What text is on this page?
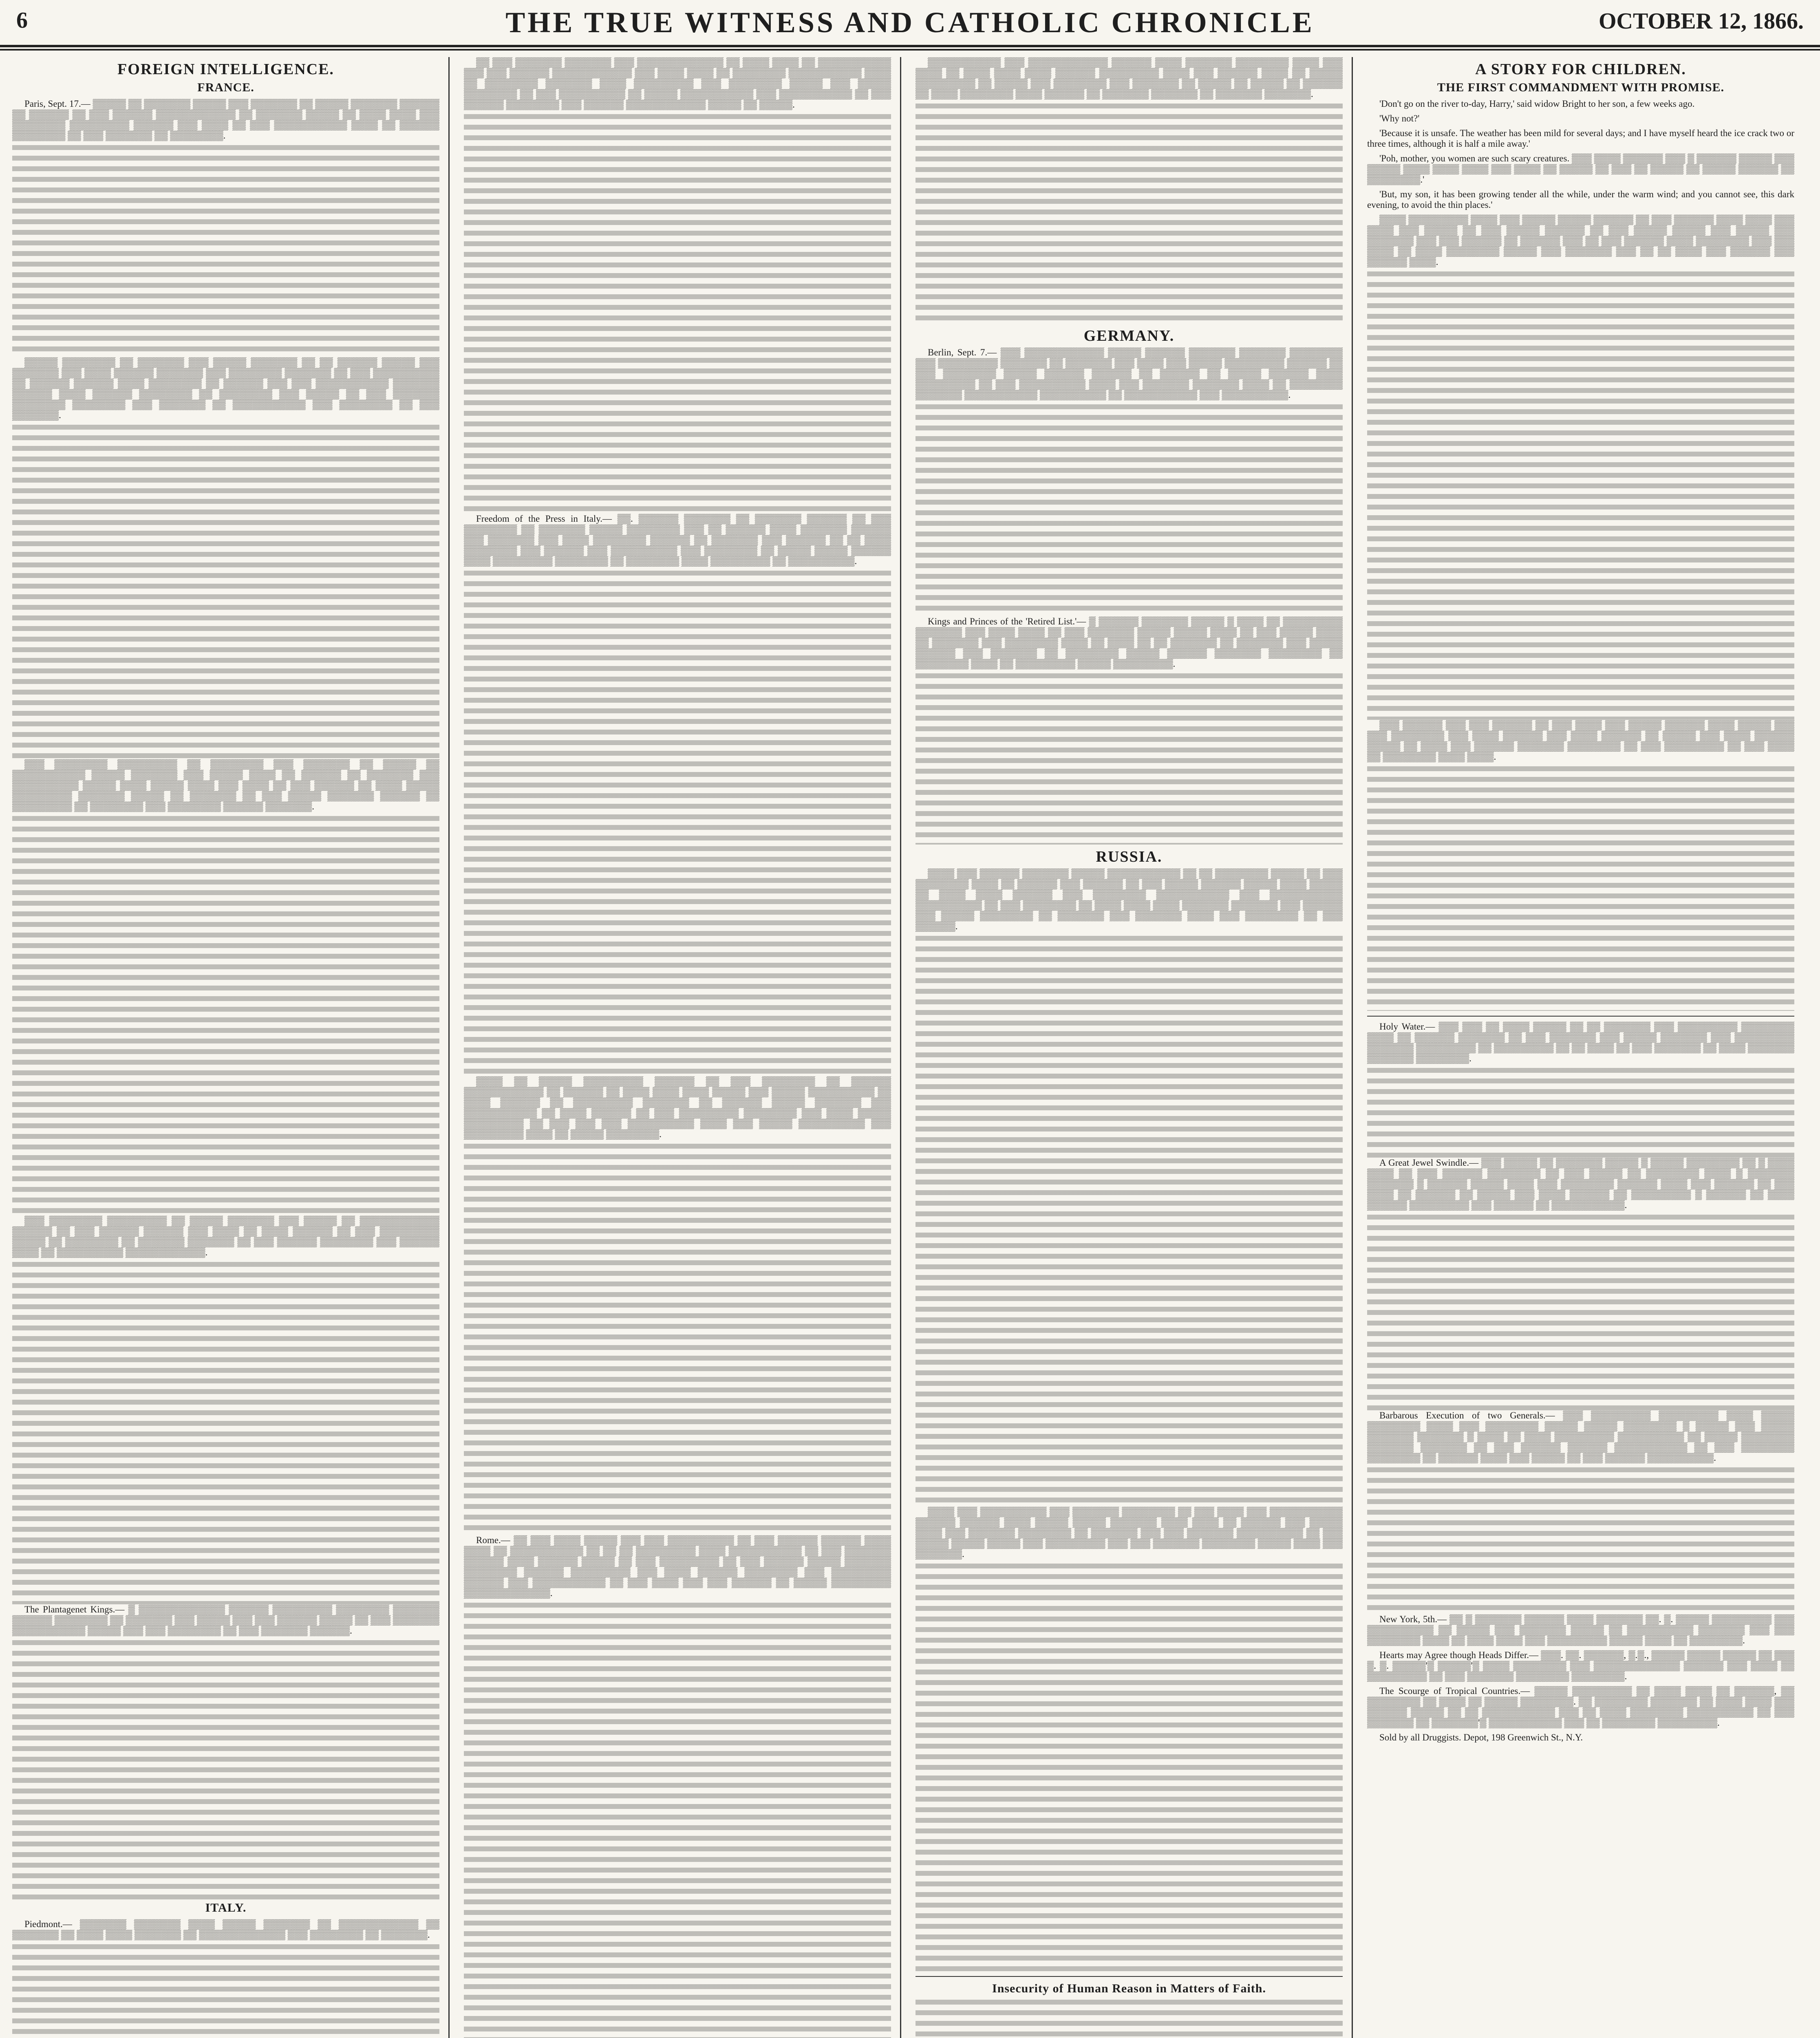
6	THE TRUE WITNESS AND CATHOLIC CHRONICLE	OCTOBER 12, 1866.
FOREIGN INTELLIGENCE.
FRANCE.

Paris, Sept. 17.— ▒▒▒▒▒ ▒▒ ▒▒▒▒▒▒▒ ▒▒▒▒▒ ▒▒▒ ▒▒▒▒▒▒▒ ▒▒ ▒▒▒▒▒ ▒▒▒▒▒▒▒ ▒▒▒▒▒▒ ▒▒ ▒▒▒▒▒▒ ▒▒ ▒▒▒ ▒▒▒▒▒▒ ▒▒▒▒▒▒▒▒▒▒▒▒ ▒▒ ▒▒▒▒▒▒▒ ▒▒▒▒▒ ▒▒ ▒▒▒▒ ▒▒▒▒ ▒▒▒ ▒▒▒▒▒▒▒▒ ▒▒▒▒▒▒▒▒▒ ▒▒▒▒▒▒ ▒▒▒ ▒▒▒▒ ▒▒ ▒▒▒ ▒▒▒▒▒▒▒▒▒▒▒ ▒▒▒▒ ▒▒ ▒▒▒▒▒▒ ▒▒▒▒▒▒▒▒ ▒▒ ▒▒▒ ▒▒▒▒▒▒▒ ▒▒ ▒▒▒▒▒▒▒▒.

▒▒▒▒▒ ▒▒▒▒▒▒▒▒ ▒▒ ▒▒▒▒▒▒▒ ▒▒▒ ▒▒▒▒▒ ▒▒▒▒▒▒▒ ▒▒ ▒▒ ▒▒▒▒▒▒ ▒▒▒▒▒ ▒▒▒ ▒▒▒▒▒▒▒ ▒▒▒ ▒▒▒▒ ▒▒▒▒▒▒ ▒▒▒▒▒▒▒ ▒▒▒ ▒▒▒▒▒▒▒▒ ▒▒▒▒▒▒▒ ▒▒ ▒▒▒ ▒▒▒▒▒▒▒▒▒▒ ▒▒ ▒▒▒▒▒▒ ▒▒▒▒▒▒ ▒▒▒▒ ▒▒▒▒▒▒▒▒ ▒▒ ▒▒▒▒▒▒ ▒▒▒ ▒▒▒ ▒▒▒▒▒▒▒▒▒▒▒ ▒▒▒▒▒▒▒ ▒▒▒▒▒▒ ▒▒▒▒ ▒▒▒▒▒▒ ▒▒▒▒▒▒▒▒ ▒▒ ▒▒▒▒▒▒▒▒ ▒▒▒ ▒▒▒▒▒ ▒▒ ▒▒▒ ▒▒▒▒▒▒▒ ▒▒▒▒▒▒▒▒ ▒▒▒▒▒▒▒▒ ▒▒▒ ▒▒▒▒▒▒▒ ▒▒ ▒▒▒▒▒▒▒▒▒▒▒ ▒▒▒ ▒▒▒▒▒▒▒▒ ▒▒ ▒▒▒ ▒▒▒▒▒▒▒.

▒▒▒ ▒▒▒▒▒▒▒▒ ▒▒▒▒▒▒▒▒▒ ▒▒ ▒▒▒▒▒▒▒▒ ▒▒▒ ▒▒▒▒▒▒▒ ▒▒ ▒▒▒▒▒ ▒▒ ▒▒▒▒▒▒▒▒▒▒▒ ▒▒▒▒▒ ▒▒▒▒▒▒▒ ▒▒▒ ▒▒▒▒▒ ▒▒▒▒ ▒▒ ▒▒▒▒▒▒ ▒▒ ▒▒▒▒▒▒▒ ▒▒▒ ▒▒▒▒▒▒▒▒▒▒ ▒▒▒▒▒ ▒▒▒▒ ▒▒▒▒▒ ▒▒▒▒ ▒▒▒ ▒▒▒▒ ▒▒ ▒▒▒ ▒▒▒▒▒▒ ▒▒ ▒▒▒▒ ▒▒▒▒▒ ▒▒▒▒▒▒▒▒▒ ▒▒▒▒▒▒▒ ▒▒▒▒▒ ▒▒ ▒▒▒▒▒▒▒ ▒▒ ▒▒▒ ▒▒▒▒▒ ▒▒▒▒▒▒▒ ▒▒▒▒▒▒ ▒▒ ▒▒▒▒▒▒▒▒▒ ▒▒ ▒▒▒▒▒▒▒▒ ▒▒▒ ▒▒▒▒▒▒▒▒ ▒▒▒▒▒▒ ▒▒▒▒▒▒▒.

▒▒▒ ▒▒▒▒▒▒▒▒ ▒▒▒▒▒▒▒▒▒ ▒▒ ▒▒▒▒▒ ▒▒▒▒▒▒▒ ▒▒▒ ▒▒▒▒▒ ▒▒ ▒▒▒▒▒▒▒▒▒▒▒▒ ▒▒▒▒▒▒ ▒▒ ▒▒▒ ▒▒▒▒▒▒ ▒▒▒▒▒▒ ▒▒▒ ▒▒▒▒ ▒▒ ▒▒▒▒ ▒▒▒▒▒▒ ▒▒ ▒▒▒ ▒▒▒▒▒▒▒▒▒ ▒▒▒▒▒ ▒▒ ▒▒▒▒▒▒▒▒ ▒▒ ▒▒▒▒▒▒▒ ▒▒▒▒▒▒▒ ▒▒ ▒▒▒ ▒▒▒▒▒▒ ▒▒▒▒▒▒▒▒ ▒▒▒ ▒▒▒▒▒▒ ▒▒▒▒ ▒▒ ▒▒▒▒▒▒▒▒▒▒ ▒▒▒▒▒▒▒▒▒▒▒▒.

The Plantagenet Kings.— ▒ ▒▒▒▒▒▒▒▒▒▒▒▒▒ ▒▒▒▒▒▒ ▒▒▒▒▒▒▒▒▒ ▒▒▒▒▒▒▒▒ ▒▒▒▒▒▒▒ ▒▒▒▒▒▒ ▒▒▒▒▒▒▒▒ ▒▒ ▒▒▒▒▒▒▒ ▒▒▒ ▒▒▒▒▒ ▒▒▒ ▒▒▒ ▒▒▒▒▒▒ ▒▒▒▒▒ ▒▒ ▒▒▒ ▒▒▒▒▒▒▒ ▒▒▒▒▒▒▒▒▒▒▒ ▒▒▒▒▒ ▒▒▒ ▒▒▒ ▒▒▒▒▒▒▒▒ ▒▒ ▒▒▒ ▒▒▒▒▒▒▒ ▒▒▒▒▒▒.

ITALY.

Piedmont.— ▒▒▒▒▒▒▒ ▒▒▒▒▒▒▒ ▒▒▒▒ ▒▒▒▒▒ ▒▒▒▒▒▒▒ ▒▒ ▒▒▒▒▒▒▒▒▒▒▒▒ ▒▒ ▒▒▒▒▒▒▒ ▒▒ ▒▒▒▒ ▒▒▒▒ ▒▒▒▒▒▒▒ ▒▒ ▒▒▒▒▒▒▒▒▒▒▒▒▒ ▒▒▒ ▒▒▒▒▒▒▒▒ ▒▒ ▒▒▒▒▒▒▒.

▒▒ ▒▒▒ ▒▒▒▒▒▒▒ ▒▒▒▒▒▒▒ ▒▒▒ ▒▒▒▒▒▒▒▒▒▒▒▒▒ ▒▒ ▒▒▒▒ ▒▒▒▒ ▒▒ ▒▒▒▒▒▒▒▒▒▒▒ ▒▒▒ ▒▒▒ ▒▒▒▒▒▒ ▒▒▒▒▒▒▒▒▒▒▒▒ ▒▒▒ ▒▒▒▒ ▒▒▒▒ ▒▒ ▒▒▒▒▒▒▒▒ ▒▒▒▒▒▒▒▒▒▒▒ ▒▒▒▒ ▒▒ ▒▒▒▒▒▒▒▒ ▒▒▒▒▒▒▒ ▒▒▒▒ ▒▒▒▒▒▒▒▒▒ ▒▒▒ ▒▒▒▒▒▒▒▒ ▒▒▒▒▒ ▒▒▒ ▒▒▒▒▒ ▒▒▒▒▒▒▒▒ ▒▒ ▒▒▒ ▒▒▒▒▒▒▒▒▒▒ ▒▒ ▒▒▒▒▒ ▒▒▒▒▒▒▒▒▒▒▒ ▒▒▒ ▒▒▒▒▒▒▒▒▒▒▒ ▒▒ ▒▒▒ ▒▒▒▒▒▒ ▒▒▒▒▒▒▒▒ ▒▒▒ ▒▒▒▒▒▒ ▒▒▒▒▒▒▒▒▒▒▒▒ ▒▒▒▒▒ ▒▒ ▒▒▒▒▒.

Freedom of the Press in Italy.— ▒▒. ▒▒▒▒▒▒ ▒▒▒▒▒▒▒ ▒▒ ▒▒▒▒▒▒▒ ▒▒▒▒▒▒ ▒▒ ▒▒▒ ▒▒▒▒▒▒▒▒ ▒▒ ▒▒▒▒▒▒▒ ▒▒▒▒▒ ▒▒▒▒▒▒▒▒ ▒▒▒ ▒▒ ▒▒▒▒▒▒ ▒▒▒▒ ▒▒▒▒▒▒▒ ▒▒▒▒▒▒ ▒▒▒ ▒▒▒▒▒▒▒ ▒▒▒ ▒▒▒▒ ▒▒▒▒▒▒▒▒ ▒▒▒▒▒▒ ▒▒ ▒▒▒▒▒▒▒ ▒▒▒ ▒▒▒▒▒▒ ▒▒ ▒▒ ▒▒▒▒ ▒▒▒▒▒▒▒▒ ▒▒▒ ▒▒▒▒▒▒ ▒▒▒ ▒▒▒▒▒▒▒▒▒▒ ▒▒▒ ▒▒▒▒▒▒▒▒ ▒▒ ▒▒▒▒▒ ▒▒▒▒▒ ▒▒▒▒▒▒ ▒▒▒▒ ▒▒▒▒▒▒▒▒▒ ▒▒▒▒▒▒▒▒ ▒▒ ▒▒▒▒▒▒▒▒ ▒▒▒▒ ▒▒▒▒▒▒▒▒▒ ▒▒ ▒▒▒▒▒▒▒▒▒▒.

▒▒▒▒ ▒▒ ▒▒▒▒▒ ▒▒▒▒▒▒▒▒▒ ▒▒▒▒▒▒ ▒▒ ▒▒▒ ▒▒▒▒▒▒▒▒ ▒▒ ▒▒▒▒▒▒ ▒▒▒▒▒▒▒▒▒▒▒▒ ▒▒ ▒▒▒▒▒▒ ▒▒ ▒▒▒▒ ▒▒▒▒ ▒▒▒▒ ▒▒▒▒▒ ▒▒▒ ▒▒▒▒▒ ▒▒▒▒▒▒▒▒▒▒ ▒▒ ▒▒▒▒ ▒▒▒▒▒▒ ▒▒ ▒▒▒▒▒▒▒▒▒ ▒▒▒▒▒▒▒ ▒▒ ▒▒▒▒▒▒ ▒▒▒▒▒ ▒▒▒▒▒▒▒ ▒▒▒ ▒▒▒▒▒▒▒▒▒▒▒ ▒▒ ▒▒▒▒ ▒▒▒▒▒▒ ▒▒ ▒▒▒ ▒▒▒▒▒▒▒▒▒ ▒▒▒▒▒▒▒▒ ▒▒▒ ▒▒▒▒ ▒▒▒▒▒ ▒▒▒▒▒▒▒▒▒ ▒▒ ▒▒▒ ▒▒▒ ▒▒▒ ▒▒▒▒▒▒▒▒▒▒ ▒▒▒▒ ▒▒▒ ▒▒▒▒▒ ▒▒▒▒▒▒▒▒▒▒ ▒▒▒ ▒▒▒▒▒▒▒▒▒ ▒▒▒▒ ▒▒ ▒▒▒▒▒ ▒▒▒▒▒▒▒▒.

Rome.— ▒▒ ▒▒▒ ▒▒▒▒ ▒▒▒▒▒ ▒▒▒ ▒▒▒ ▒▒▒▒▒▒▒▒▒▒ ▒▒ ▒▒▒ ▒▒▒▒▒▒ ▒▒▒▒▒▒ ▒▒▒▒ ▒▒▒▒ ▒▒ ▒▒▒▒▒▒▒▒▒▒▒ ▒▒ ▒▒ ▒▒ ▒▒▒▒▒▒▒▒▒ ▒▒▒▒ ▒▒▒▒▒▒▒▒▒▒▒ ▒▒ ▒▒▒ ▒▒▒▒▒▒▒ ▒▒▒▒▒▒ ▒▒▒▒ ▒▒▒▒▒▒ ▒▒▒▒▒ ▒▒ ▒▒▒ ▒▒▒▒▒▒▒▒▒ ▒▒ ▒▒▒ ▒▒▒▒▒▒ ▒▒▒▒▒ ▒▒▒▒▒▒▒ ▒▒▒▒▒▒▒▒ ▒▒▒▒▒▒ ▒▒▒▒▒▒▒▒▒ ▒▒▒ ▒▒▒▒ ▒▒▒▒▒▒ ▒▒▒▒▒▒▒▒ ▒▒▒ ▒▒▒▒▒▒▒▒▒ ▒▒▒▒▒▒ ▒▒▒ ▒▒▒▒▒▒▒▒▒▒▒ ▒▒ ▒▒▒ ▒▒▒▒ ▒▒▒ ▒▒▒ ▒▒▒▒▒▒ ▒▒ ▒▒▒▒▒ ▒▒▒▒▒▒▒▒▒ ▒▒▒▒▒▒▒▒▒▒▒▒▒.

▒▒▒▒▒▒▒▒▒▒▒ ▒▒▒ ▒▒▒▒▒▒▒▒▒▒▒▒ ▒▒▒▒▒▒ ▒▒▒▒ ▒▒▒▒▒▒▒ ▒▒▒▒▒▒▒▒ ▒▒▒▒ ▒▒▒ ▒▒▒▒ ▒▒ ▒▒▒▒ ▒▒▒▒ ▒▒▒▒ ▒▒▒▒▒▒ ▒▒▒▒▒▒▒▒▒ ▒▒▒▒ ▒▒▒ ▒▒▒▒▒▒ ▒▒▒▒ ▒▒ ▒▒▒▒▒ ▒▒▒▒▒▒▒▒▒ ▒▒ ▒▒▒▒▒ ▒▒▒ ▒▒▒▒▒▒▒▒ ▒▒▒ ▒▒▒▒▒▒▒ ▒▒ ▒▒▒▒▒ ▒▒ ▒▒▒▒▒ ▒▒ ▒▒▒▒▒▒ ▒▒ ▒▒▒▒ ▒▒▒▒▒▒▒▒ ▒▒▒▒ ▒▒▒▒▒▒ ▒▒ ▒▒▒▒▒▒▒ ▒▒▒▒▒▒▒ ▒▒ ▒▒▒▒▒▒▒ ▒▒▒▒▒▒▒.

GERMANY.

Berlin, Sept. 7.— ▒▒▒ ▒▒▒▒▒▒▒▒▒▒▒▒ ▒▒▒▒▒ ▒▒▒▒▒▒ ▒▒▒▒▒▒▒ ▒▒▒▒▒▒▒ ▒▒▒▒▒▒▒▒ ▒▒▒ ▒▒▒▒▒▒▒▒▒ ▒▒▒▒▒▒▒ ▒▒ ▒▒▒▒▒▒▒ ▒▒▒ ▒▒▒▒ ▒▒▒ ▒▒▒▒▒ ▒▒▒▒▒▒▒▒▒ ▒▒▒▒▒▒ ▒▒ ▒▒▒ ▒▒▒▒▒▒▒▒ ▒▒▒▒▒ ▒▒▒▒▒▒ ▒▒▒▒▒▒ ▒▒ ▒▒▒▒▒▒ ▒▒ ▒▒▒▒▒ ▒▒▒▒▒▒ ▒▒▒▒ ▒▒▒▒▒▒▒▒▒ ▒▒ ▒▒▒ ▒▒▒▒▒▒▒▒▒▒ ▒▒▒▒ ▒▒▒ ▒▒▒▒▒▒▒ ▒▒▒▒▒▒▒ ▒▒▒▒ ▒▒ ▒▒▒▒▒▒▒▒ ▒▒▒▒▒▒▒ ▒▒▒▒▒▒▒▒▒▒▒ ▒▒▒▒▒▒▒▒▒▒ ▒▒ ▒▒▒▒▒▒▒▒▒▒▒ ▒▒▒ ▒▒▒▒▒▒▒▒▒▒.

Kings and Princes of the 'Retired List.'— ▒ ▒▒▒▒▒▒ ▒▒▒▒▒▒▒ ▒▒▒▒▒ ▒ ▒▒▒▒ ▒▒ ▒▒▒▒▒▒▒▒▒ ▒▒▒▒▒▒▒ ▒▒▒ ▒▒▒▒ ▒▒▒▒ ▒▒ ▒▒▒ ▒▒▒▒▒▒▒ ▒▒▒▒▒ ▒▒▒▒▒ ▒▒▒▒ ▒▒ ▒▒▒ ▒▒▒▒▒ ▒▒▒▒ ▒▒ ▒▒▒▒▒▒▒ ▒▒▒ ▒▒▒▒▒▒▒▒ ▒▒▒▒ ▒▒ ▒▒▒▒ ▒▒ ▒▒ ▒▒▒▒▒▒▒ ▒▒ ▒▒▒▒▒▒▒ ▒▒▒ ▒▒▒▒▒ ▒▒▒▒▒▒ ▒▒▒ ▒▒▒▒▒▒▒ ▒▒ ▒▒▒▒▒▒▒▒ ▒▒▒▒▒ ▒▒▒▒▒▒ ▒▒▒▒▒▒▒ ▒▒▒▒▒▒▒▒ ▒▒ ▒▒▒▒▒▒▒▒ ▒▒▒▒ ▒▒ ▒▒▒▒▒▒▒▒▒ ▒▒▒▒▒ ▒▒▒▒▒▒▒▒▒.

RUSSIA.

▒▒▒▒ ▒▒▒ ▒▒▒▒▒▒ ▒▒▒▒▒▒▒ ▒▒▒▒▒ ▒▒▒▒▒▒▒▒▒▒▒ ▒▒ ▒▒ ▒▒▒▒▒▒▒▒ ▒▒▒▒▒ ▒▒ ▒▒▒ ▒▒▒▒▒▒▒▒ ▒▒▒▒ ▒▒ ▒▒▒▒▒▒ ▒▒▒ ▒▒▒▒▒▒ ▒▒ ▒▒▒ ▒▒▒▒▒ ▒▒▒▒▒▒ ▒▒▒▒▒ ▒▒▒▒ ▒▒▒▒▒ ▒▒ ▒▒▒▒ ▒▒▒▒ ▒▒▒▒▒▒ ▒▒▒ ▒▒▒▒▒▒▒▒ ▒▒▒▒▒▒▒▒▒▒▒ ▒▒▒ ▒▒▒▒▒▒▒▒▒▒▒ ▒▒▒▒▒▒▒▒▒▒ ▒▒ ▒▒▒ ▒▒▒▒▒▒▒▒ ▒▒ ▒▒▒▒ ▒▒▒▒ ▒▒▒▒ ▒▒▒▒▒▒▒ ▒▒▒▒▒▒▒ ▒▒▒ ▒▒▒▒▒▒ ▒▒▒ ▒▒▒▒▒ ▒▒▒▒▒▒▒▒ ▒▒ ▒▒▒▒▒▒▒ ▒▒▒ ▒▒▒▒▒▒▒ ▒▒▒▒ ▒▒▒ ▒▒▒▒▒▒▒▒ ▒▒ ▒▒▒ ▒▒▒▒▒▒.

▒▒▒▒ ▒▒▒ ▒▒▒▒▒▒▒▒▒▒ ▒▒▒ ▒▒▒▒▒▒▒ ▒▒▒▒▒▒▒▒ ▒▒ ▒▒▒ ▒▒▒▒ ▒▒▒ ▒▒▒▒▒▒▒▒▒▒▒ ▒▒▒▒▒▒ ▒▒▒▒▒▒ ▒▒▒▒ ▒▒▒▒▒ ▒▒▒▒▒ ▒▒▒▒▒▒▒ ▒▒▒▒ ▒▒▒▒ ▒▒ ▒▒▒▒▒▒ ▒▒▒ ▒▒▒▒▒ ▒▒▒▒ ▒▒▒ ▒▒▒▒▒▒▒ ▒▒▒▒▒▒▒▒ ▒▒ ▒▒▒▒▒▒▒ ▒▒▒ ▒▒▒ ▒▒▒▒▒▒▒ ▒▒▒▒▒▒▒▒▒▒ ▒▒ ▒▒▒ ▒▒▒▒▒ ▒▒▒▒▒ ▒▒▒▒▒ ▒▒▒ ▒▒▒▒▒▒▒▒▒ ▒▒▒ ▒▒▒ ▒▒▒▒▒▒▒ ▒▒▒▒▒▒▒▒ ▒▒▒▒▒ ▒▒▒▒ ▒▒▒ ▒▒▒▒▒▒▒.

Insecurity of Human Reason in Matters of Faith.
A STORY FOR CHILDREN.
THE FIRST COMMANDMENT WITH PROMISE.

'Don't go on the river to-day, Harry,' said widow Bright to her son, a few weeks ago.

'Why not?'

'Because it is unsafe. The weather has been mild for several days; and I have myself heard the ice crack two or three times, although it is half a mile away.'

'Poh, mother, you women are such scary creatures. ▒▒▒ ▒▒▒▒ ▒▒▒▒▒▒ ▒▒▒ ▒ ▒▒▒▒▒▒ ▒▒▒▒▒ ▒▒▒ ▒▒▒▒▒ ▒▒▒▒ ▒▒▒▒ ▒▒▒▒ ▒▒▒ ▒▒▒▒ ▒▒ ▒▒▒▒▒ ▒▒ ▒▒▒ ▒▒ ▒▒▒▒▒ ▒▒ ▒▒▒▒▒ ▒▒▒▒▒▒ ▒▒ ▒▒▒▒▒▒▒▒.'

'But, my son, it has been growing tender all the while, under the warm wind; and you cannot see, this dark evening, to avoid the thin places.'

▒▒▒▒ ▒▒▒▒▒▒▒▒▒ ▒▒▒▒ ▒▒▒ ▒▒▒▒▒ ▒▒▒▒▒ ▒▒▒▒▒▒ ▒▒ ▒▒▒ ▒▒▒▒▒▒ ▒▒▒▒ ▒▒▒▒ ▒▒▒ ▒▒▒▒ ▒▒▒ ▒▒▒▒▒ ▒▒ ▒▒▒ ▒▒▒▒▒ ▒▒▒▒▒▒ ▒▒ ▒▒▒ ▒▒▒▒▒ ▒▒▒▒▒ ▒▒▒ ▒▒▒▒▒ ▒▒▒ ▒▒▒▒▒▒▒ ▒▒▒ ▒▒▒ ▒▒▒▒▒▒ ▒▒ ▒▒▒▒▒▒ ▒▒▒ ▒▒ ▒▒▒ ▒▒▒▒▒▒ ▒▒▒▒ ▒▒▒▒▒▒▒▒ ▒▒▒ ▒▒▒ ▒▒▒▒ ▒▒ ▒▒▒▒ ▒▒▒▒▒▒▒▒ ▒▒▒▒▒ ▒▒▒ ▒▒▒▒▒▒▒ ▒▒▒ ▒▒ ▒▒ ▒▒▒▒ ▒▒▒ ▒▒▒▒▒▒ ▒▒▒ ▒▒▒▒▒▒ ▒▒▒▒.

▒▒▒ ▒▒▒▒▒▒ ▒▒▒ ▒▒▒ ▒▒▒▒▒▒ ▒▒ ▒▒▒ ▒▒▒▒ ▒▒▒ ▒▒▒▒▒ ▒▒▒▒▒▒ ▒▒▒▒ ▒▒▒▒▒ ▒▒▒ ▒▒▒ ▒▒▒▒▒▒▒▒ ▒▒▒ ▒▒▒▒ ▒▒▒▒▒▒ ▒▒▒ ▒▒▒▒ ▒▒▒▒▒▒ ▒▒ ▒▒▒▒▒ ▒▒▒ ▒▒▒▒ ▒▒▒▒▒▒ ▒▒▒▒▒ ▒▒ ▒▒▒▒ ▒▒▒ ▒▒▒▒▒▒ ▒▒▒▒▒▒▒ ▒▒▒▒▒▒▒▒ ▒▒ ▒▒▒ ▒▒▒▒▒▒▒▒▒ ▒▒ ▒▒▒ ▒▒▒▒ ▒▒ ▒▒▒▒▒▒▒▒ ▒▒▒▒ ▒▒▒▒.

Holy Water.— ▒▒▒ ▒▒▒ ▒▒ ▒▒▒▒ ▒▒▒▒▒ ▒▒ ▒▒ ▒▒▒▒▒▒▒ ▒▒▒ ▒▒▒▒▒▒▒▒▒ ▒▒▒▒▒▒▒▒ ▒▒▒▒ ▒▒ ▒▒▒▒▒▒ ▒▒▒▒▒▒▒ ▒▒ ▒▒▒ ▒▒▒▒▒▒▒ ▒▒▒ ▒▒▒▒▒ ▒▒▒▒▒▒▒ ▒▒▒ ▒▒▒▒▒▒▒▒▒ ▒▒▒▒▒▒▒ ▒▒▒▒▒▒▒▒▒ ▒▒ ▒▒▒▒▒▒▒▒▒ ▒▒ ▒▒ ▒▒▒▒ ▒▒ ▒▒▒ ▒▒▒▒▒▒▒ ▒▒ ▒▒▒▒ ▒▒▒▒▒▒▒ ▒▒▒▒▒▒▒ ▒▒▒▒▒▒▒▒.

A Great Jewel Swindle.— ▒▒▒ ▒▒▒▒▒ ▒▒ ▒▒▒▒▒▒▒ ▒▒▒▒▒ ▒ ▒▒▒▒▒ ▒▒▒▒▒▒▒▒ ▒▒ ▒ ▒▒▒▒ ▒▒▒▒ ▒▒ ▒▒▒ ▒▒▒▒▒▒ ▒▒▒▒▒▒▒▒ ▒▒ ▒▒▒ ▒▒▒▒▒ ▒▒ ▒▒▒▒▒▒▒▒ ▒▒▒▒ ▒ ▒▒▒▒▒▒▒ ▒▒▒▒▒▒▒ ▒ ▒▒▒▒▒▒ ▒▒▒▒▒ ▒▒▒▒ ▒▒▒ ▒▒▒▒▒▒▒▒ ▒▒▒▒▒▒ ▒▒▒▒ ▒▒▒ ▒▒▒▒▒▒ ▒▒ ▒▒▒ ▒▒▒▒ ▒▒ ▒▒▒▒▒▒ ▒▒ ▒▒▒▒▒ ▒▒▒ ▒▒▒▒ ▒▒▒▒▒▒ ▒▒ ▒▒▒▒▒▒▒▒▒ ▒ ▒▒▒▒▒▒ ▒▒ ▒▒▒▒ ▒▒▒▒▒▒ ▒▒▒▒▒▒▒▒▒ ▒▒▒ ▒▒▒▒▒▒ ▒▒ ▒▒▒▒▒▒▒▒▒▒▒.

Barbarous Execution of two Generals.— ▒▒▒ ▒▒▒▒▒▒▒▒▒ ▒▒▒▒▒▒▒▒▒ ▒▒▒▒ ▒▒▒▒▒ ▒▒▒▒▒▒▒▒ ▒▒▒▒ ▒▒▒ ▒▒▒▒▒▒▒▒ ▒▒▒▒▒ ▒▒▒▒▒ ▒▒▒▒▒▒▒▒ ▒ ▒▒▒▒▒ ▒▒▒ ▒▒▒▒▒ ▒▒▒▒▒▒▒ ▒▒▒▒▒▒▒ ▒ ▒▒▒▒ ▒▒ ▒▒▒▒ ▒▒▒▒▒▒▒▒▒ ▒▒▒▒▒▒▒▒▒▒ ▒▒ ▒▒▒▒▒ ▒▒▒▒▒▒▒▒ ▒▒▒▒▒▒▒ ▒▒▒▒▒▒▒ ▒▒ ▒▒▒ ▒▒▒▒▒▒ ▒▒▒▒▒▒ ▒▒▒▒▒▒▒▒▒▒▒ ▒▒ ▒▒▒ ▒▒▒▒▒▒▒▒ ▒▒▒▒▒▒▒▒ ▒▒ ▒▒▒▒▒▒ ▒▒▒▒ ▒▒▒ ▒▒▒▒▒ ▒▒ ▒▒▒ ▒▒▒▒▒▒ ▒▒▒▒▒▒▒▒▒▒.

New York, 5th.— ▒▒ ▒ ▒▒▒▒▒▒▒ ▒▒▒▒▒▒ ▒▒▒▒ ▒▒▒▒▒▒▒ ▒▒. ▒. ▒▒▒▒▒ ▒▒▒▒▒▒▒▒▒ ▒▒▒ ▒▒▒▒▒▒▒▒▒▒ ▒▒ ▒▒▒▒▒ ▒▒▒ ▒▒▒▒▒▒▒ ▒▒▒▒▒ ▒▒ ▒▒▒▒▒▒▒▒▒▒ ▒▒▒▒▒▒▒ ▒▒▒ ▒▒▒ ▒▒▒▒▒▒▒▒ ▒▒▒▒ ▒▒ ▒▒▒▒ ▒▒▒▒ ▒▒▒ ▒▒▒▒▒▒▒▒▒ ▒▒▒▒▒ ▒▒▒▒ ▒▒ ▒▒▒▒▒▒▒▒.

Hearts may Agree though Heads Differ.— ▒▒▒. ▒▒. ▒▒▒▒▒▒, ▒.▒., ▒▒▒▒▒ ▒▒▒▒▒ ▒▒▒▒▒ ▒▒ ▒▒▒ ▒. ▒. ▒▒▒▒▒'▒ ▒▒▒▒▒'▒ ▒▒▒▒ ▒▒▒▒▒▒▒▒ ▒▒▒ ▒▒▒▒▒▒▒▒▒▒▒▒▒ ▒▒▒▒▒▒ ▒▒▒ ▒▒▒▒ ▒▒ ▒▒▒▒▒▒▒▒▒ ▒▒ ▒▒▒ ▒▒▒▒▒▒▒ ▒▒▒▒▒▒▒▒ ▒▒▒▒▒▒▒▒.

The Scourge of Tropical Countries.— ▒▒▒▒▒ ▒▒▒▒▒▒▒▒▒ ▒▒ ▒▒▒▒ ▒▒▒▒ ▒▒ ▒▒▒▒▒▒, ▒▒ ▒▒▒▒▒▒▒▒ ▒▒ ▒▒▒▒ ▒▒ ▒▒▒▒▒ ▒▒▒▒▒▒▒▒. ▒▒ ▒▒▒▒▒▒▒▒ ▒▒▒▒▒▒▒ ▒▒ ▒▒▒▒ ▒▒▒▒ ▒▒▒ ▒▒▒▒▒▒ ▒▒▒▒▒ ▒▒ ▒▒ ▒▒▒▒▒▒▒▒▒▒▒ ▒▒▒ ▒▒ ▒▒▒▒ ▒▒▒▒▒▒▒▒ ▒▒▒▒▒▒▒▒▒▒ ▒▒ ▒▒▒ ▒▒▒▒▒▒▒ ▒▒ ▒▒▒▒▒▒▒'▒ ▒▒▒▒▒▒▒▒▒▒▒ ▒▒▒ ▒▒ ▒▒▒▒▒▒▒▒ ▒▒▒▒▒▒▒▒▒.

Sold by all Druggists. Depot, 198 Greenwich St., N.Y.
